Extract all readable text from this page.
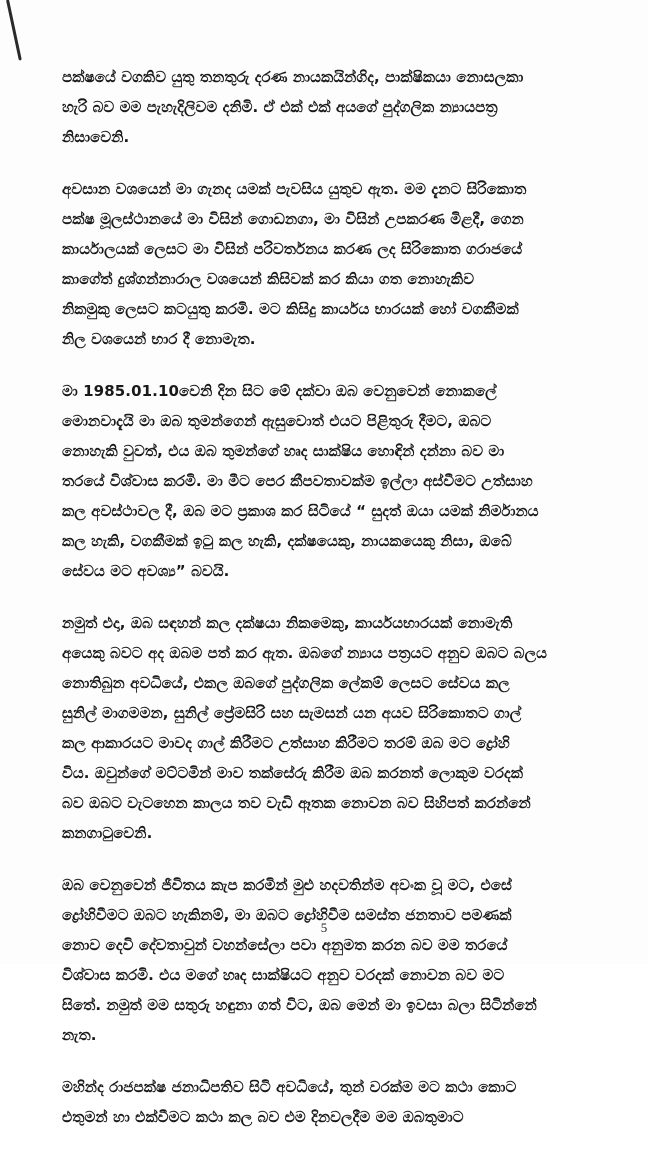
පක්ෂයේ වගකිව යුතු තනතුරු දරණ නායකයින්ගිද, පාක්ෂිකයා නොසලකා
හැරි බව මම පැහැදිලිවම දනිමි. ඒ එක් එක් අයගේ පුද්ගලික න්‍යායපත්‍ර
නිසාවෙනි.

අවසාන වශයෙන් මා ගැනද යමක් පැවසිය යුතුව ඇත. මම දැනට සිරිකොත
පක්ෂ මූලස්ථානයේ මා විසින් ගොඩනගා, මා විසින් උපකරණ මිළදී, ගෙන
කාර්යාලයක් ලෙසට මා විසින් පරිවර්තනය කරණ ලද සිරිකොත ගරාජයේ
කාගේත් දුශ්ගන්නාරාල වශයෙන් කිසිවක් කර කියා ගත නොහැකිව
නිකමුකු ලෙසට කටයුතු කරමි. මට කිසිදු කාර්යය භාරයක් හෝ වගකීමක්
නිල වශයෙන් භාර දී නොමැත.

මා 1985.01.10වෙනි දින සිට මේ දක්වා ඔබ වෙනුවෙන් නොකලේ
මොනවාදැයි මා ඔබ තුමන්ගෙන් ඇසුවොත් එයට පිළිතුරු දීමට, ඔබට
නොහැකි වුවත්, එය ඔබ තුමන්ගේ හෘද සාක්ෂිය හොඳින් දන්නා බව මා
තරයේ විශ්වාස කරමි. මා මීට පෙර කීපවතාවක්ම ඉල්ලා අස්වීමට උත්සාහ
කල අවස්ථාවල දී, ඔබ මට ප්‍රකාශ කර සිටියේ “ සුදත් ඔයා යමක් නිර්මානය
කල හැකි, වගකීමක් ඉටු කල හැකි, දක්ෂයෙකු, නායකයෙකු නිසා, ඔබේ
සේවය මට අවශ්‍ය” බවයි.

නමුත් එදා, ඔබ සඳහන් කල දක්ෂයා නිකමෙකු, කාර්යයභාරයක් නොමැති
අයෙකු බවට අද ඔබම පත් කර ඇත. ඔබගේ න්‍යාය පත්‍රයට අනුව ඔබට බලය
නොතිබුන අවධියේ, එකල ඔබගේ පුද්ගලික ලේකම් ලෙසට සේවය කල
සුනිල් මාගමමන, සුනිල් ප්‍රේමසිරි සහ සැමසන් යන අයව සිරිකොතට ගාල්
කල ආකාරයට මාවද ගාල් කිරීමට උත්සාහ කිරීමට තරම් ඔබ මට ද්‍රෝහි
විය. ඔවුන්ගේ මට්ටමින් මාව තක්සේරු කිරීම ඔබ කරනත් ලොකුම වරදක්
බව ඔබට වැටහෙන කාලය තව වැඩි ඈතක නොවන බව සිහිපත් කරන්නේ
කනගාටුවෙනි.

ඔබ වෙනුවෙන් ජීවිතය කැප කරමින් මුළු හදවතින්ම අවංක වූ මට, එසේ
ද්‍රෝහිවීමට ඔබට හැකිනම්, මා ඔබට ද්‍රෝහිවීම සමස්ත ජනතාව පමණක්
නොව දෙවි දේවතාවුන් වහන්සේලා පවා අනුමත කරන බව මම තරයේ
විශ්වාස කරමි. එය මගේ හෘද සාක්ෂියට අනුව වරදක් නොවන බව මට
සිතේ. නමුත් මම සතුරු හඳුනා ගත් විට, ඔබ මෙන් මා ඉවසා බලා සිටින්නේ
නැත.

මහින්ද රාජපක්ෂ ජනාධිපතිව සිටි අවධියේ, තුන් වරක්ම මට කථා කොට
එතුමන් හා එක්වීමට කථා කල බව එම දිනවලදීම මම ඔබතුමාට

5
